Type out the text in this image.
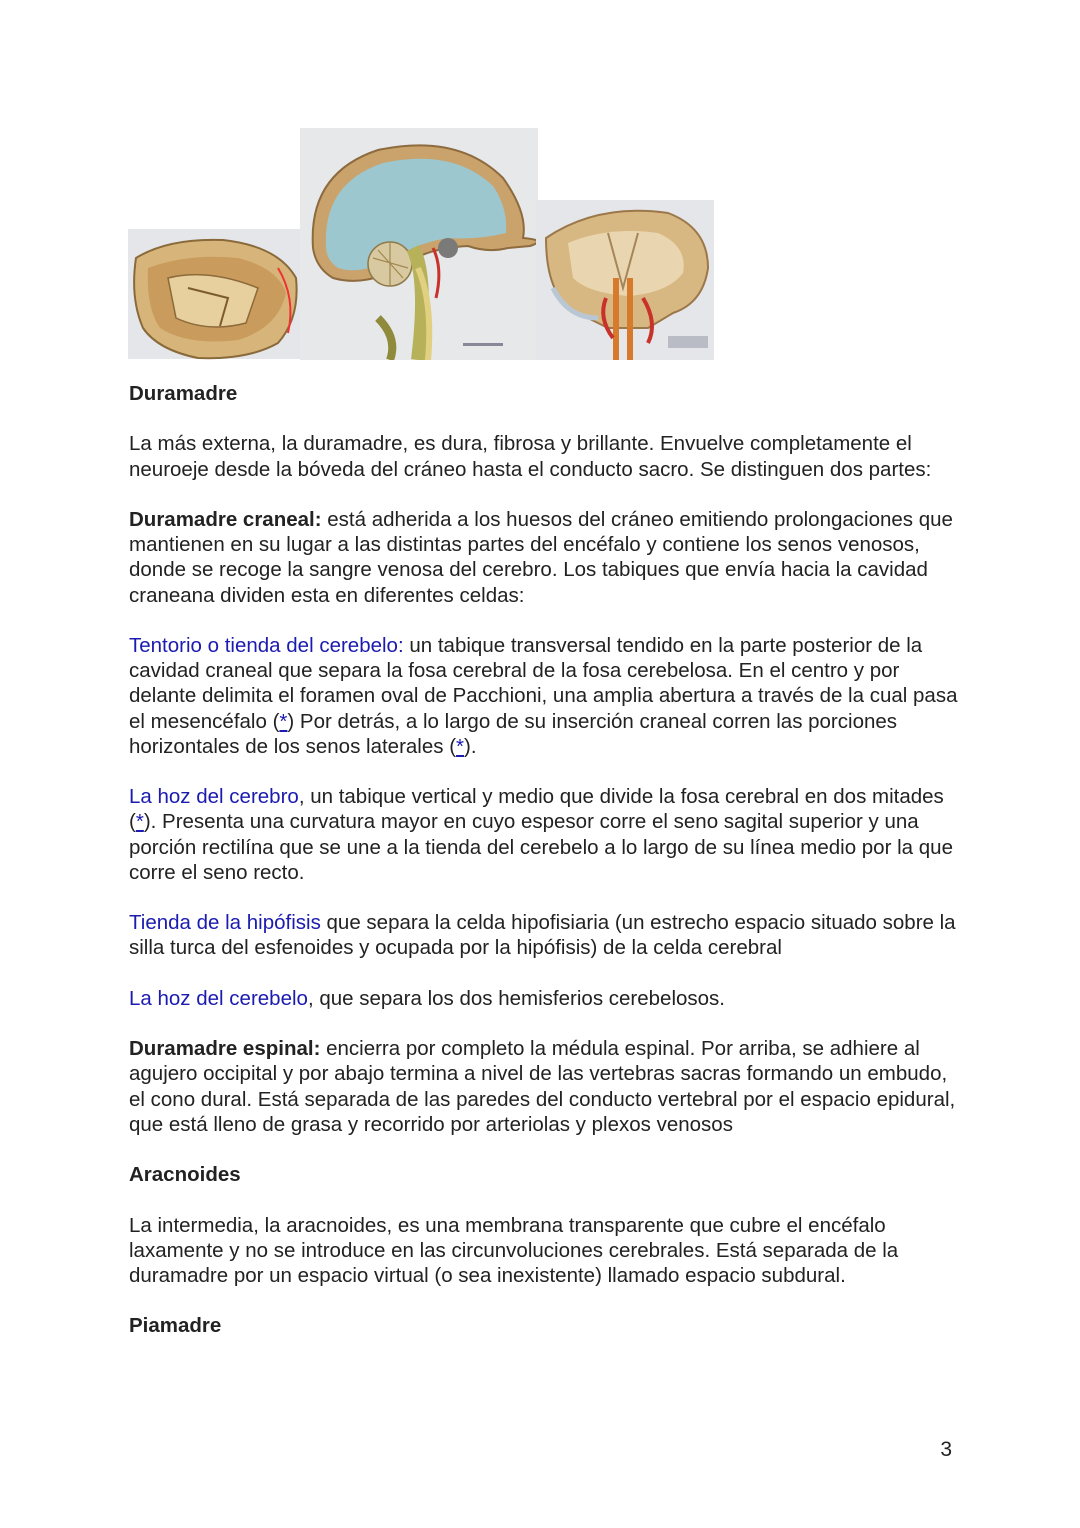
Duramadre

La más externa, la duramadre, es dura, fibrosa y brillante. Envuelve completamente el neuroeje desde la bóveda del cráneo hasta el conducto sacro. Se distinguen dos partes:

Duramadre craneal: está adherida a los huesos del cráneo emitiendo prolongaciones que mantienen en su lugar a las distintas partes del encéfalo y contiene los senos venosos, donde se recoge la sangre venosa del cerebro. Los tabiques que envía hacia la cavidad craneana dividen esta en diferentes celdas:

Tentorio o tienda del cerebelo: un tabique transversal tendido en la parte posterior de la cavidad craneal que separa la fosa cerebral de la fosa cerebelosa. En el centro y por delante delimita el foramen oval de Pacchioni, una amplia abertura a través de la cual pasa el mesencéfalo (*) Por detrás, a lo largo de su inserción craneal corren las porciones horizontales de los senos laterales (*).

La hoz del cerebro, un tabique vertical y medio que divide la fosa cerebral en dos mitades (*). Presenta una curvatura mayor en cuyo espesor corre el seno sagital superior y una porción rectilína que se une a la tienda del cerebelo a lo largo de su línea medio por la que corre el seno recto.

Tienda de la hipófisis que separa la celda hipofisiaria (un estrecho espacio situado sobre la silla turca del esfenoides y ocupada por la hipófisis) de la celda cerebral

La hoz del cerebelo, que separa los dos hemisferios cerebelosos.

Duramadre espinal: encierra por completo la médula espinal. Por arriba, se adhiere al agujero occipital y por abajo termina a nivel de las vertebras sacras formando un embudo, el cono dural. Está separada de las paredes del conducto vertebral por el espacio epidural, que está lleno de grasa y recorrido por arteriolas y plexos venosos

Aracnoides

La intermedia, la aracnoides, es una membrana transparente que cubre el encéfalo laxamente y no se introduce en las circunvoluciones cerebrales. Está separada de la duramadre por un espacio virtual (o sea inexistente) llamado espacio subdural.

Piamadre

3
